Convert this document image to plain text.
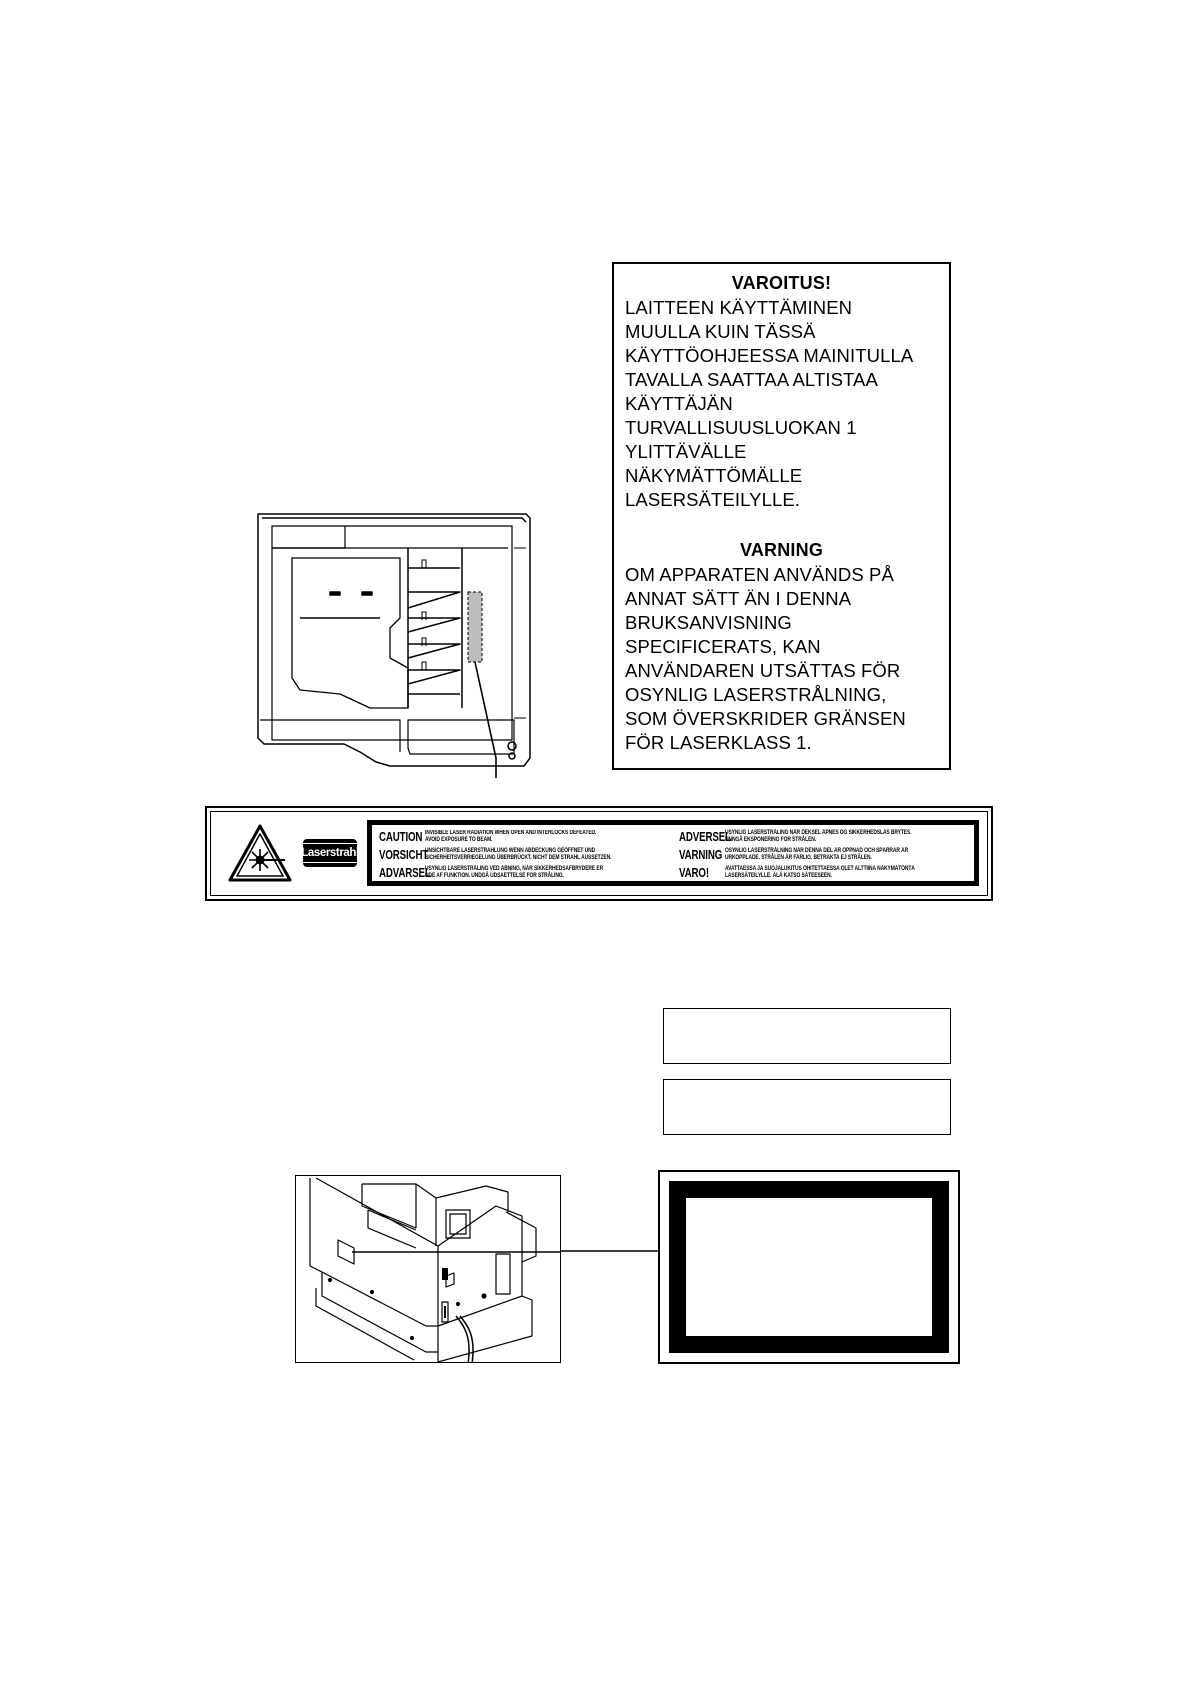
VAROITUS!
LAITTEEN KÄYTTÄMINEN
MUULLA KUIN TÄSSÄ
KÄYTTÖOHJEESSA MAINITULLA
TAVALLA SAATTAA ALTISTAA
KÄYTTÄJÄN
TURVALLISUUSLUOKAN 1
YLITTÄVÄLLE
NÄKYMÄTTÖMÄLLE
LASERSÄTEILYLLE.
VARNING
OM APPARATEN ANVÄNDS PÅ
ANNAT SÄTT ÄN I DENNA
BRUKSANVISNING
SPECIFICERATS, KAN
ANVÄNDAREN UTSÄTTAS FÖR
OSYNLIG LASERSTRÅLNING,
SOM ÖVERSKRIDER GRÄNSEN
FÖR LASERKLASS 1.
Laserstrahl
CAUTION INVISIBLE LASER RADIATION WHEN OPEN AND INTERLOCKS DEFEATED.
AVOID EXPOSURE TO BEAM.
VORSICHT
UNSICHTBARE LASERSTRAHLUNG WENN ABDECKUNG GEÖFFNET UND
SICHERHEITSVERRIEGELUNG ÜBERBRÜCKT. NICHT DEM STRAHL AUSSETZEN.
ADVARSEL
USYNLIG LASERSTRÅLING VED ÅBNING, NÅR SIKKERHEDSAFBRYDERE ER
UDE AF FUNKTION. UNDGÅ UDSAETTELSE FOR STRÅLING.
ADVERSEL
USYNLIG LASERSTRÅLING NÅR DEKSEL ÅPNES OG SIKKERHEDSLÅS BRYTES.
UNNGÅ EKSPONERING FOR STRÅLEN.
VARNING OSYNLIG LASERSTRÅLNING NÄR DENNA DEL ÄR ÖPPNAD OCH SPÄRRAR ÄR
URKOPPLADE. STRÅLEN ÄR FARLIG. BETRAKTA EJ STRÅLEN.
VARO!	AVATTAESSA JA SUOJALUKITUS OHITETTAESSA OLET ALTTIINA NÄKYMÄTÖNTÄ
LASERSÄTEILYLLE. ÄLÄ KATSO SÄTEESEEN.
